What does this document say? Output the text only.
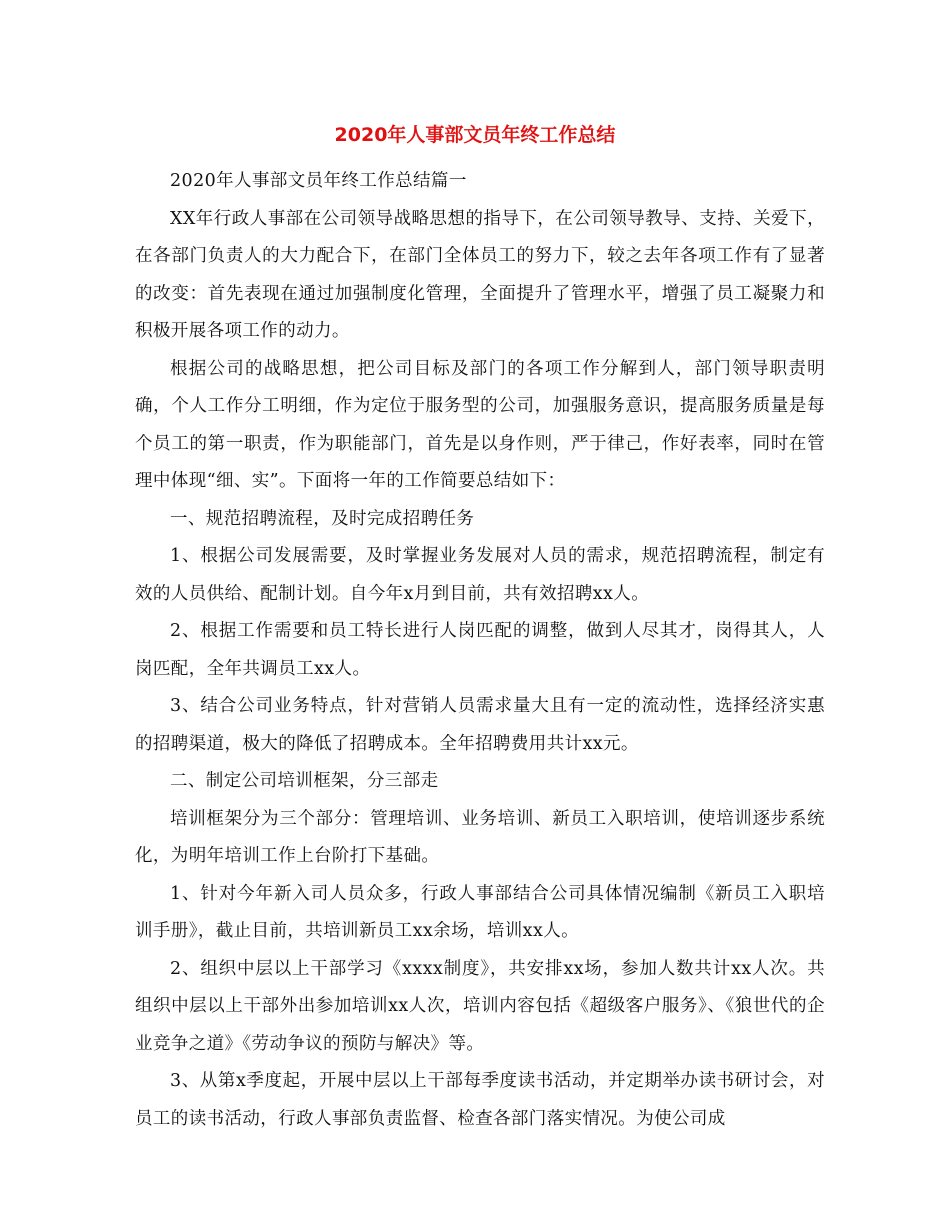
2020年人事部文员年终工作总结

2020年人事部文员年终工作总结篇一

XX年行政人事部在公司领导战略思想的指导下，在公司领导教导、支持、关爱下，在各部门负责人的大力配合下，在部门全体员工的努力下，较之去年各项工作有了显著的改变：首先表现在通过加强制度化管理，全面提升了管理水平，增强了员工凝聚力和积极开展各项工作的动力。

根据公司的战略思想，把公司目标及部门的各项工作分解到人，部门领导职责明确，个人工作分工明细，作为定位于服务型的公司，加强服务意识，提高服务质量是每个员工的第一职责，作为职能部门，首先是以身作则，严于律己，作好表率，同时在管理中体现“细、实”。下面将一年的工作简要总结如下：

一、规范招聘流程，及时完成招聘任务

1、根据公司发展需要，及时掌握业务发展对人员的需求，规范招聘流程，制定有效的人员供给、配制计划。自今年x月到目前，共有效招聘xx人。

2、根据工作需要和员工特长进行人岗匹配的调整，做到人尽其才，岗得其人，人岗匹配，全年共调员工xx人。

3、结合公司业务特点，针对营销人员需求量大且有一定的流动性，选择经济实惠的招聘渠道，极大的降低了招聘成本。全年招聘费用共计xx元。

二、制定公司培训框架，分三部走

培训框架分为三个部分：管理培训、业务培训、新员工入职培训，使培训逐步系统化，为明年培训工作上台阶打下基础。

1、针对今年新入司人员众多，行政人事部结合公司具体情况编制《新员工入职培训手册》，截止目前，共培训新员工xx余场，培训xx人。

2、组织中层以上干部学习《xxxx制度》，共安排xx场，参加人数共计xx人次。共组织中层以上干部外出参加培训xx人次，培训内容包括《超级客户服务》、《狼世代的企业竞争之道》《劳动争议的预防与解决》等。

3、从第x季度起，开展中层以上干部每季度读书活动，并定期举办读书研讨会，对员工的读书活动，行政人事部负责监督、检查各部门落实情况。为使公司成
